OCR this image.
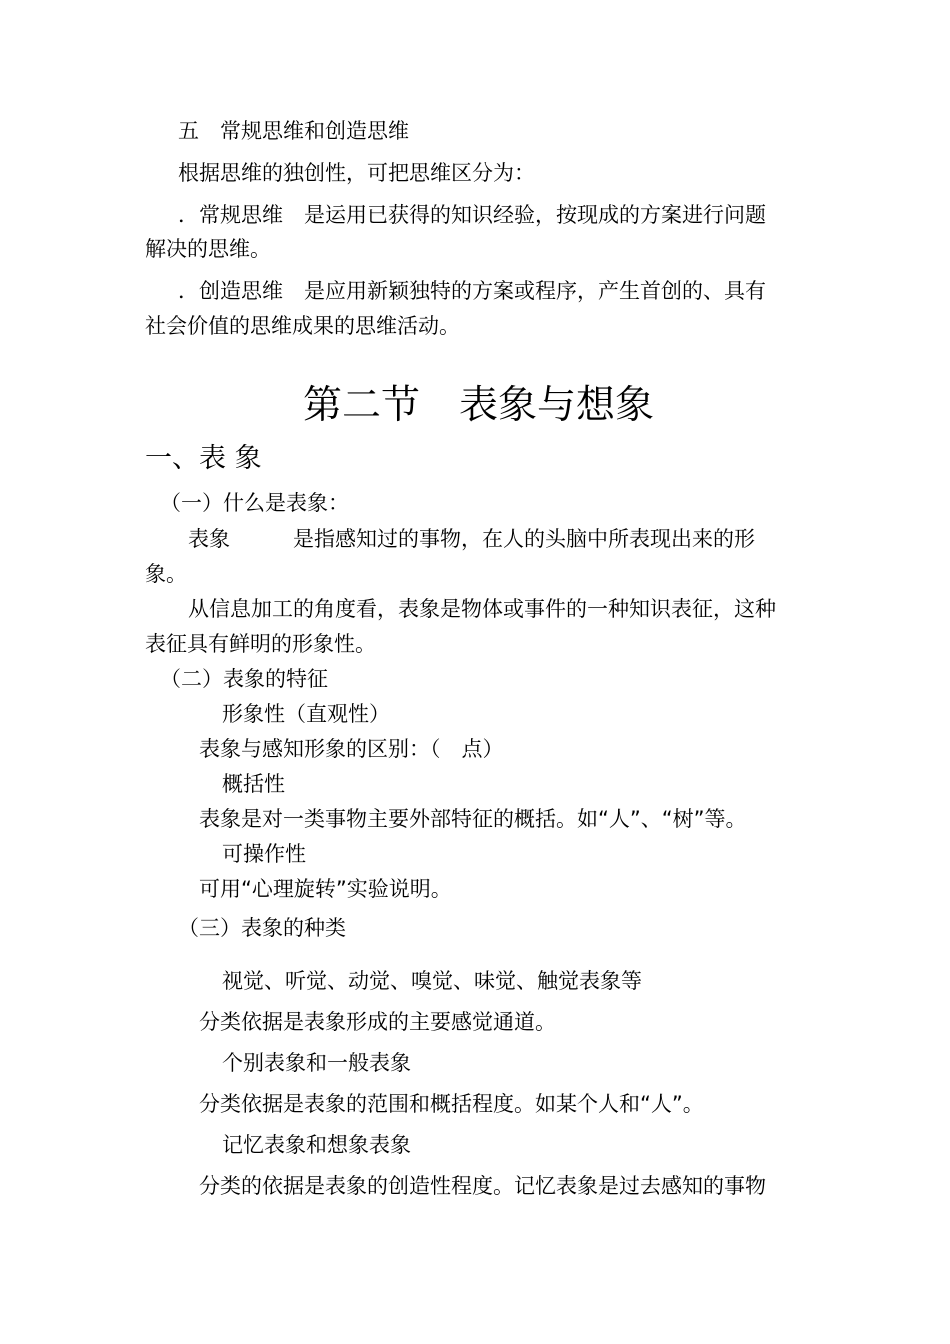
五　常规思维和创造思维
根据思维的独创性，可把思维区分为：
．常规思维　是运用已获得的知识经验，按现成的方案进行问题
解决的思维。
．创造思维　是应用新颖独特的方案或程序，产生首创的、具有
社会价值的思维成果的思维活动。
第二节　表象与想象
一、表 象
（一）什么是表象：
表象　　　是指感知过的事物，在人的头脑中所表现出来的形
象。
从信息加工的角度看，表象是物体或事件的一种知识表征，这种
表征具有鲜明的形象性。
（二）表象的特征
形象性（直观性）
表象与感知形象的区别：（　点）
概括性
表象是对一类事物主要外部特征的概括。如“人”、“树”等。
可操作性
可用“心理旋转”实验说明。
（三）表象的种类
视觉、听觉、动觉、嗅觉、味觉、触觉表象等
分类依据是表象形成的主要感觉通道。
个别表象和一般表象
分类依据是表象的范围和概括程度。如某个人和“人”。
记忆表象和想象表象
分类的依据是表象的创造性程度。记忆表象是过去感知的事物
